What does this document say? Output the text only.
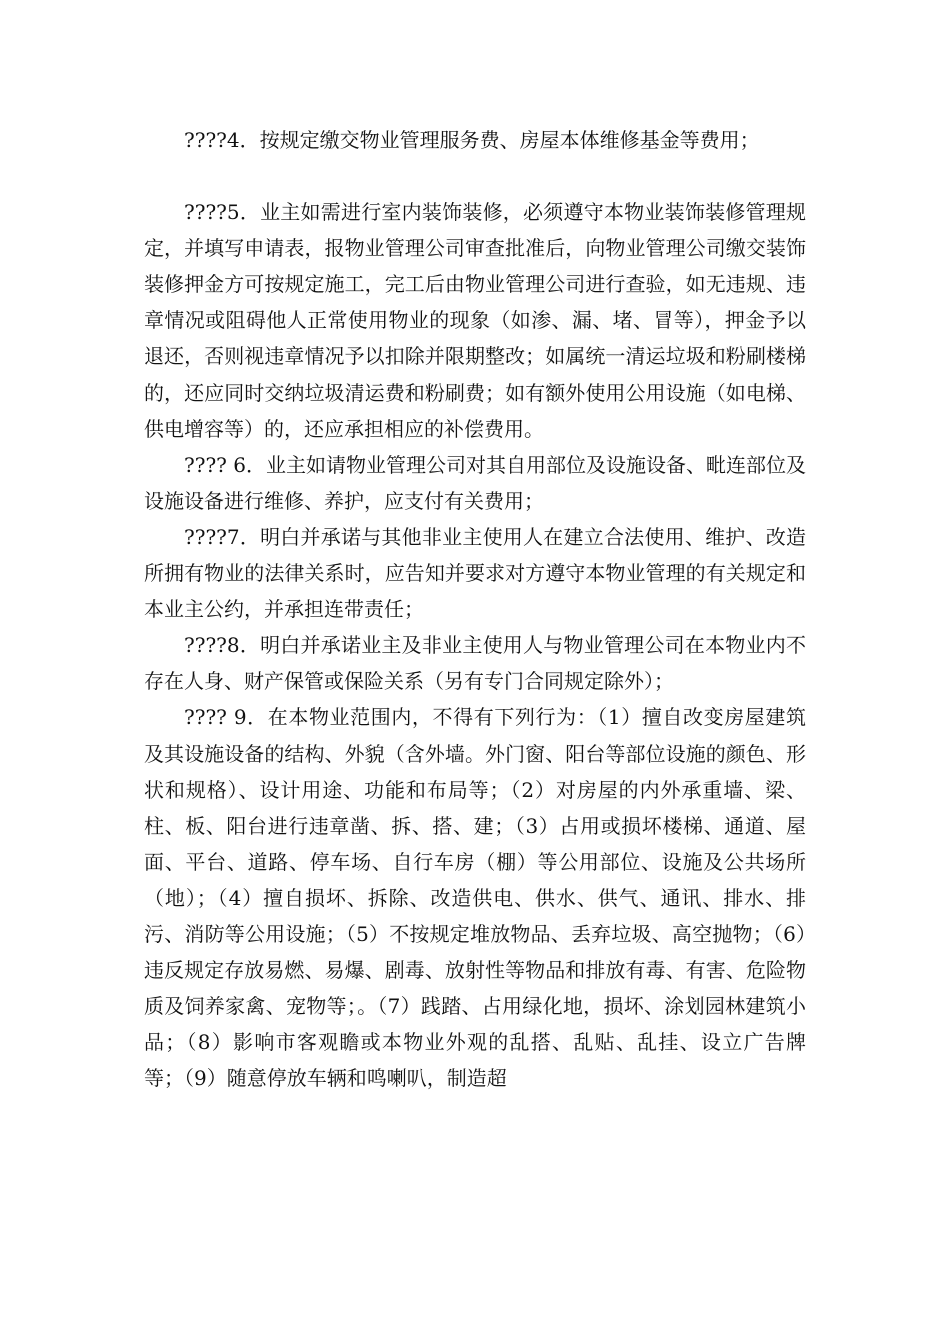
????4．按规定缴交物业管理服务费、房屋本体维修基金等费用；

????5．业主如需进行室内装饰装修，必须遵守本物业装饰装修管理规定，并填写申请表，报物业管理公司审查批准后，向物业管理公司缴交装饰装修押金方可按规定施工，完工后由物业管理公司进行查验，如无违规、违章情况或阻碍他人正常使用物业的现象（如渗、漏、堵、冒等），押金予以退还，否则视违章情况予以扣除并限期整改；如属统一清运垃圾和粉刷楼梯的，还应同时交纳垃圾清运费和粉刷费；如有额外使用公用设施（如电梯、供电增容等）的，还应承担相应的补偿费用。

???? 6．业主如请物业管理公司对其自用部位及设施设备、毗连部位及设施设备进行维修、养护，应支付有关费用；

????7．明白并承诺与其他非业主使用人在建立合法使用、维护、改造所拥有物业的法律关系时，应告知并要求对方遵守本物业管理的有关规定和本业主公约，并承担连带责任；

????8．明白并承诺业主及非业主使用人与物业管理公司在本物业内不存在人身、财产保管或保险关系（另有专门合同规定除外）；

???? 9．在本物业范围内，不得有下列行为：（1）擅自改变房屋建筑及其设施设备的结构、外貌（含外墙。外门窗、阳台等部位设施的颜色、形状和规格）、设计用途、功能和布局等；（2）对房屋的内外承重墙、梁、柱、板、阳台进行违章凿、拆、搭、建；（3）占用或损坏楼梯、通道、屋面、平台、道路、停车场、自行车房（棚）等公用部位、设施及公共场所（地）；（4）擅自损坏、拆除、改造供电、供水、供气、通讯、排水、排污、消防等公用设施；（5）不按规定堆放物品、丢弃垃圾、高空抛物；（6）违反规定存放易燃、易爆、剧毒、放射性等物品和排放有毒、有害、危险物质及饲养家禽、宠物等；。（7）践踏、占用绿化地，损坏、涂划园林建筑小品；（8）影响市客观瞻或本物业外观的乱搭、乱贴、乱挂、设立广告牌等；（9）随意停放车辆和鸣喇叭，制造超
